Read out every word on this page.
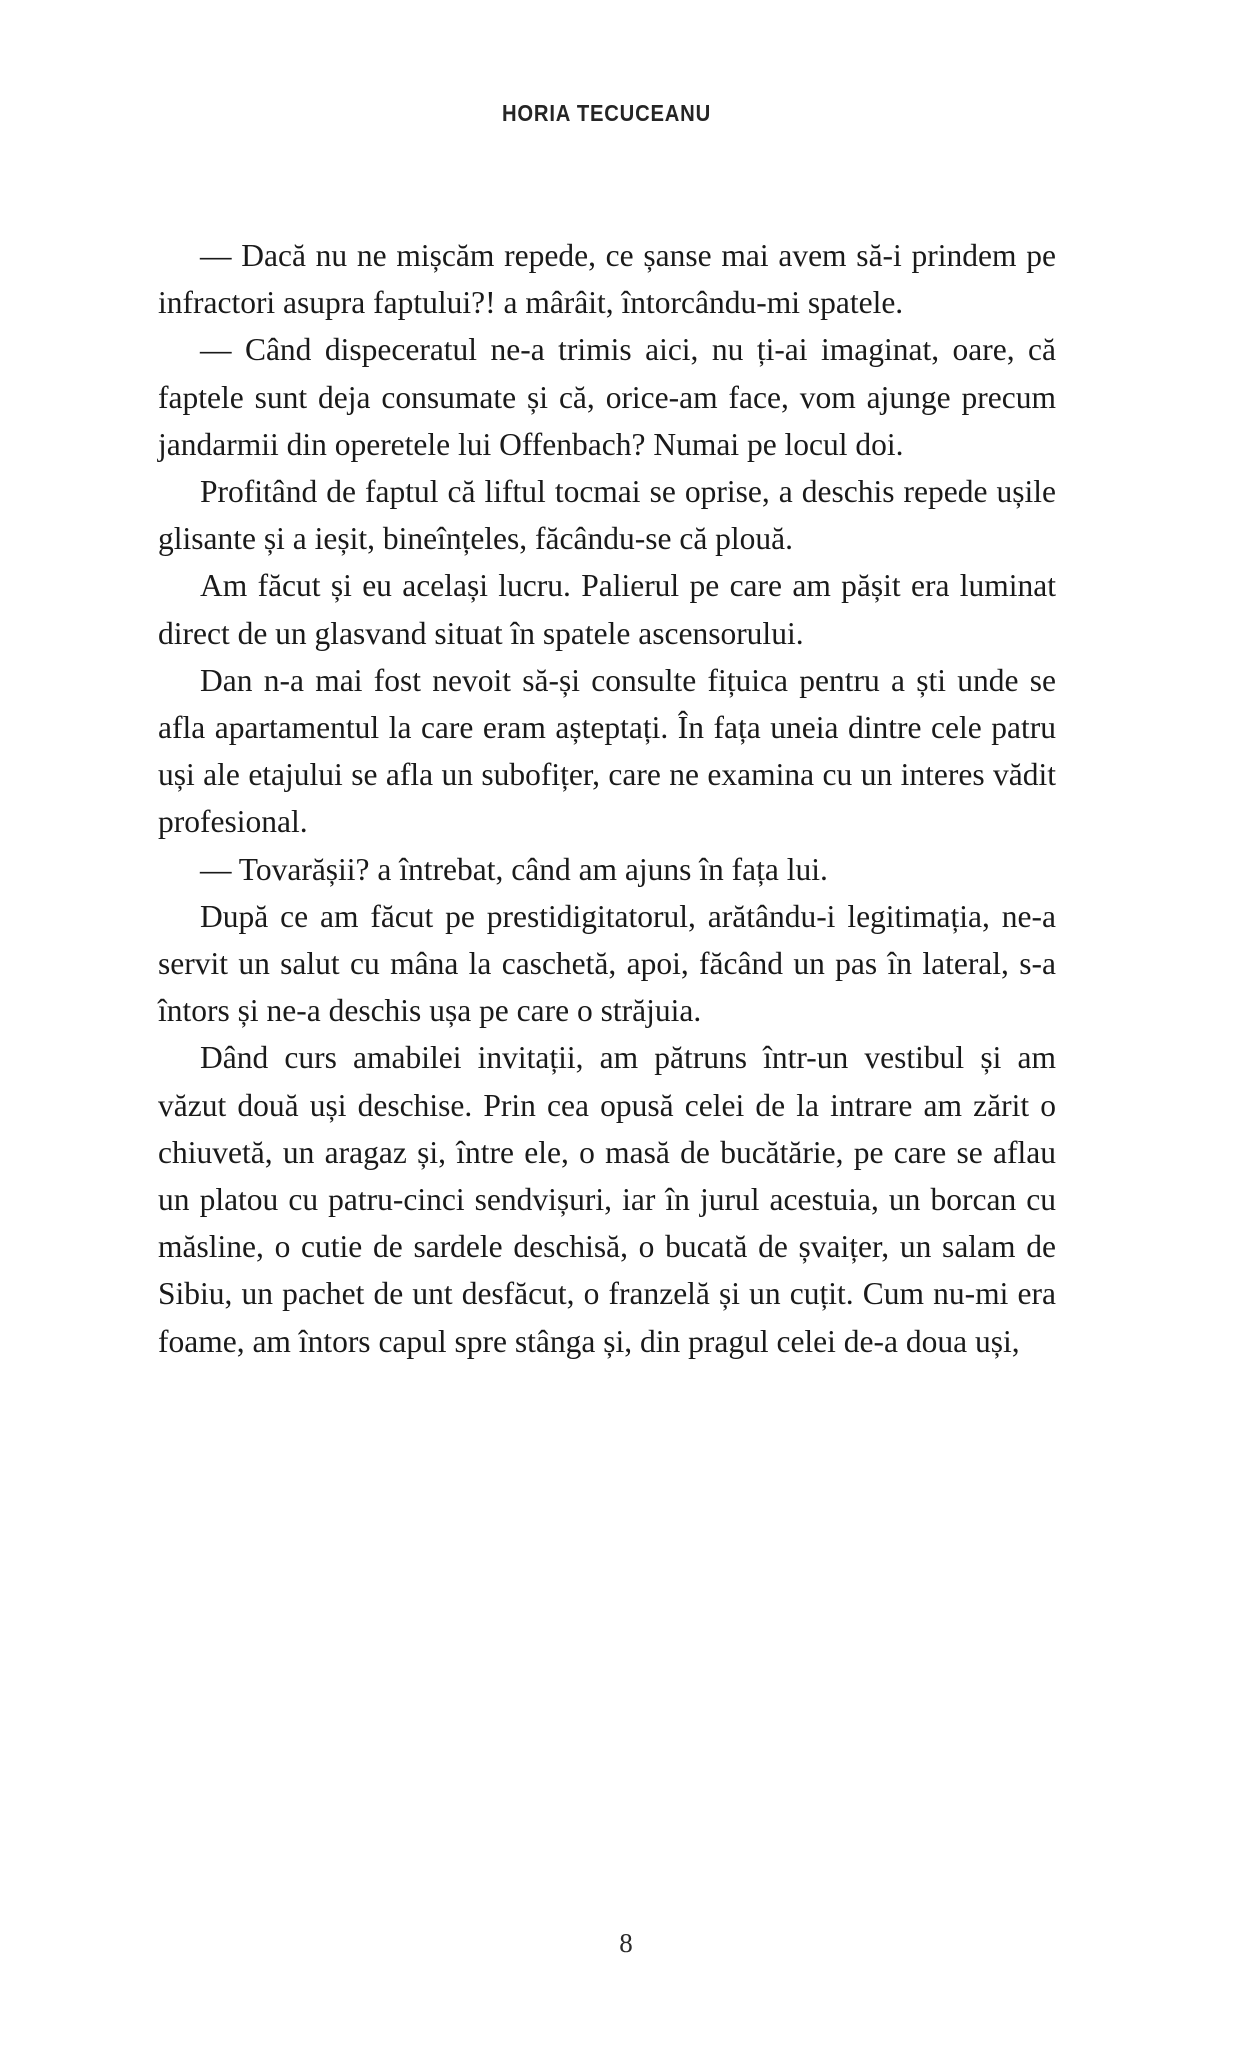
HORIA TECUCEANU

— Dacă nu ne mișcăm repede, ce șanse mai avem să-i prindem pe infractori asupra faptului?! a mârâit, întorcându-mi spatele.

— Când dispeceratul ne-a trimis aici, nu ți-ai imaginat, oare, că faptele sunt deja consumate și că, orice-am face, vom ajunge precum jandarmii din operetele lui Offenbach? Numai pe locul doi.

Profitând de faptul că liftul tocmai se oprise, a deschis repede ușile glisante și a ieșit, bineînțeles, făcându-se că plouă.

Am făcut și eu același lucru. Palierul pe care am pășit era luminat direct de un glasvand situat în spatele ascensorului.

Dan n-a mai fost nevoit să-și consulte fițuica pentru a ști unde se afla apartamentul la care eram așteptați. În fața uneia dintre cele patru uși ale etajului se afla un subofițer, care ne examina cu un interes vădit profesional.

— Tovarășii? a întrebat, când am ajuns în fața lui.

După ce am făcut pe prestidigitatorul, arătându-i legitimația, ne-a servit un salut cu mâna la caschetă, apoi, făcând un pas în lateral, s-a întors și ne-a deschis ușa pe care o străjuia.

Dând curs amabilei invitații, am pătruns într-un vestibul și am văzut două uși deschise. Prin cea opusă celei de la intrare am zărit o chiuvetă, un aragaz și, între ele, o masă de bucătărie, pe care se aflau un platou cu patru-cinci sendvișuri, iar în jurul acestuia, un borcan cu măsline, o cutie de sardele deschisă, o bucată de șvaițer, un salam de Sibiu, un pachet de unt desfăcut, o franzelă și un cuțit. Cum nu-mi era foame, am întors capul spre stânga și, din pragul celei de-a doua uși,

8
